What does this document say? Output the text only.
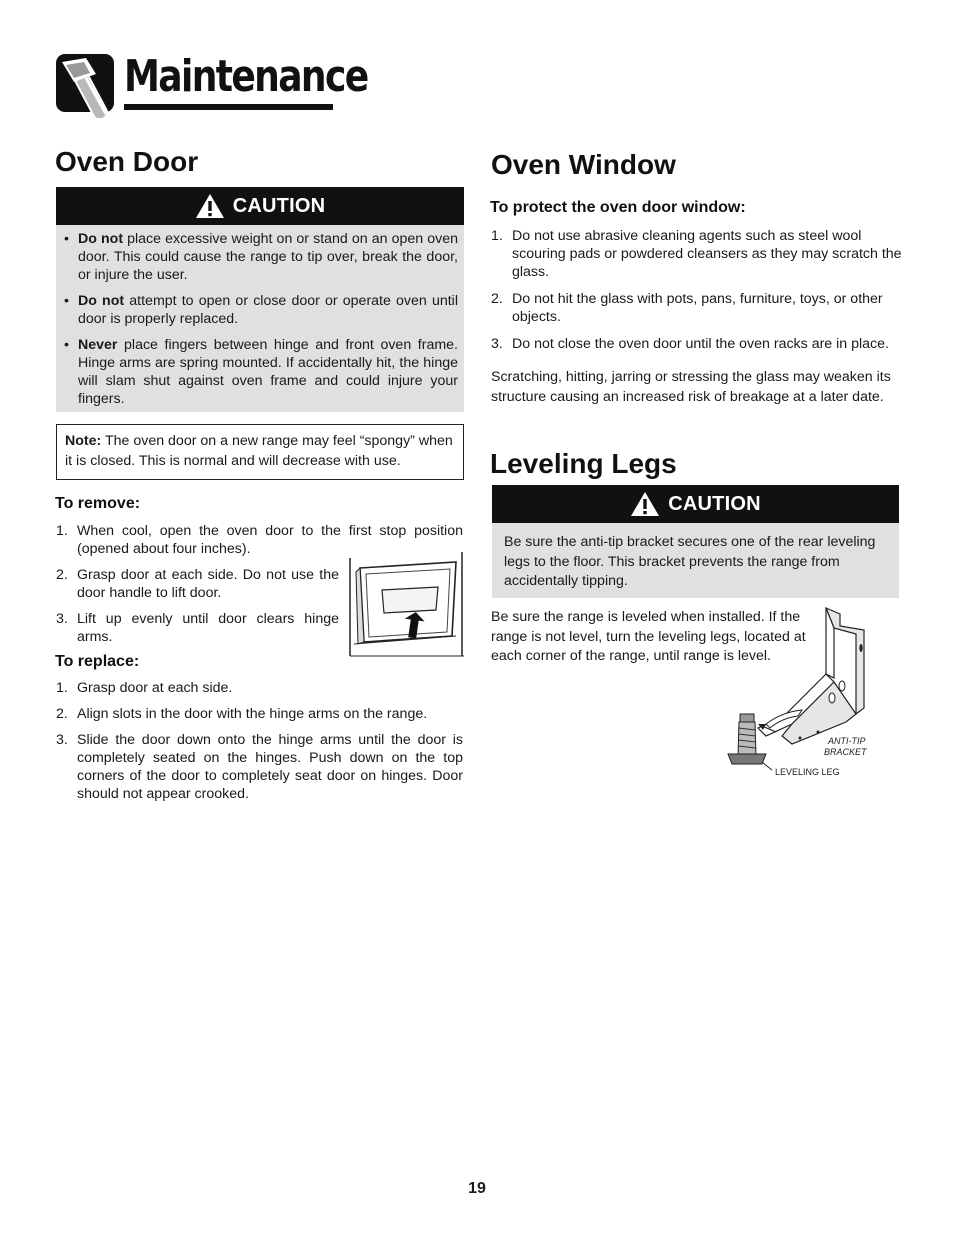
Maintenance
Oven Door
CAUTION
• Do not place excessive weight on or stand on an open oven door. This could cause the range to tip over, break the door, or injure the user.
• Do not attempt to open or close door or operate oven until door is properly replaced.
• Never place fingers between hinge and front oven frame. Hinge arms are spring mounted. If accidentally hit, the hinge will slam shut against oven frame and could injure your fingers.
Note: The oven door on a new range may feel “spongy” when it is closed. This is normal and will decrease with use.
To remove:
1. When cool, open the oven door to the first stop position (opened about four inches).
2. Grasp door at each side. Do not use the door handle to lift door.
3. Lift up evenly until door clears hinge arms.
To replace:
1. Grasp door at each side.
2. Align slots in the door with the hinge arms on the range.
3. Slide the door down onto the hinge arms until the door is completely seated on the hinges. Push down on the top corners of the door to completely seat door on hinges. Door should not appear crooked.
Oven Window
To protect the oven door window:
1. Do not use abrasive cleaning agents such as steel wool scouring pads or powdered cleansers as they may scratch the glass.
2. Do not hit the glass with pots, pans, furniture, toys, or other objects.
3. Do not close the oven door until the oven racks are in place.

Scratching, hitting, jarring or stressing the glass may weaken its structure causing an increased risk of breakage at a later date.

Leveling Legs
CAUTION

Be sure the anti-tip bracket secures one of the rear leveling legs to the floor. This bracket prevents the range from accidentally tipping.

Be sure the range is leveled when installed. If the range is not level, turn the leveling legs, located at each corner of the range, until range is level.

ANTI-TIP
BRACKET
LEVELING LEG
19
